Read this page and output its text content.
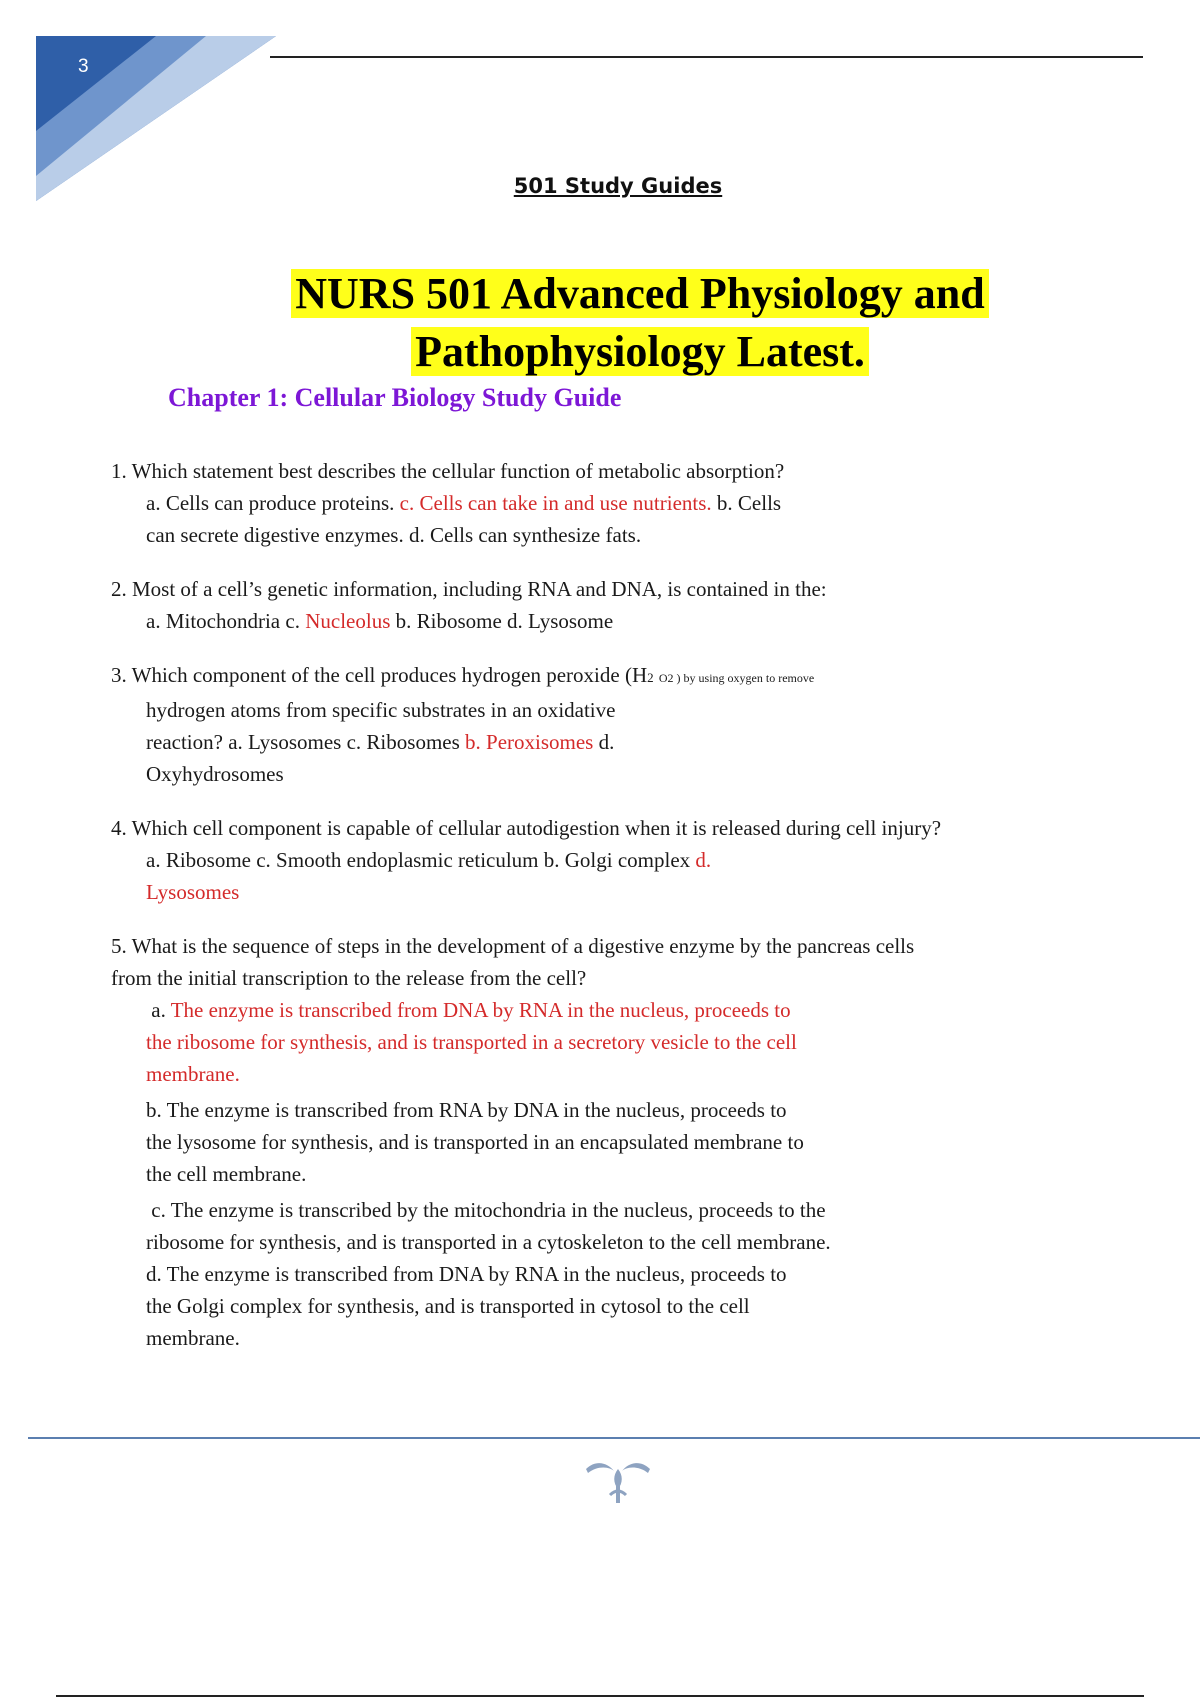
3
501 Study Guides
NURS 501 Advanced Physiology and
Pathophysiology Latest.
Chapter 1: Cellular Biology Study Guide
1. Which statement best describes the cellular function of metabolic absorption?
a. Cells can produce proteins. c. Cells can take in and use nutrients. b. Cells
can secrete digestive enzymes. d. Cells can synthesize fats.
2. Most of a cell’s genetic information, including RNA and DNA, is contained in the:
a. Mitochondria c. Nucleolus b. Ribosome d. Lysosome
3. Which component of the cell produces hydrogen peroxide (H2 O2 ) by using oxygen to remove
hydrogen atoms from specific substrates in an oxidative
reaction? a. Lysosomes c. Ribosomes b. Peroxisomes d.
Oxyhydrosomes
4. Which cell component is capable of cellular autodigestion when it is released during cell injury?
a. Ribosome c. Smooth endoplasmic reticulum b. Golgi complex d.
Lysosomes
5. What is the sequence of steps in the development of a digestive enzyme by the pancreas cells
from the initial transcription to the release from the cell?
a. The enzyme is transcribed from DNA by RNA in the nucleus, proceeds to
the ribosome for synthesis, and is transported in a secretory vesicle to the cell
membrane.
b. The enzyme is transcribed from RNA by DNA in the nucleus, proceeds to
the lysosome for synthesis, and is transported in an encapsulated membrane to
the cell membrane.
c. The enzyme is transcribed by the mitochondria in the nucleus, proceeds to the
ribosome for synthesis, and is transported in a cytoskeleton to the cell membrane.
d. The enzyme is transcribed from DNA by RNA in the nucleus, proceeds to
the Golgi complex for synthesis, and is transported in cytosol to the cell
membrane.
